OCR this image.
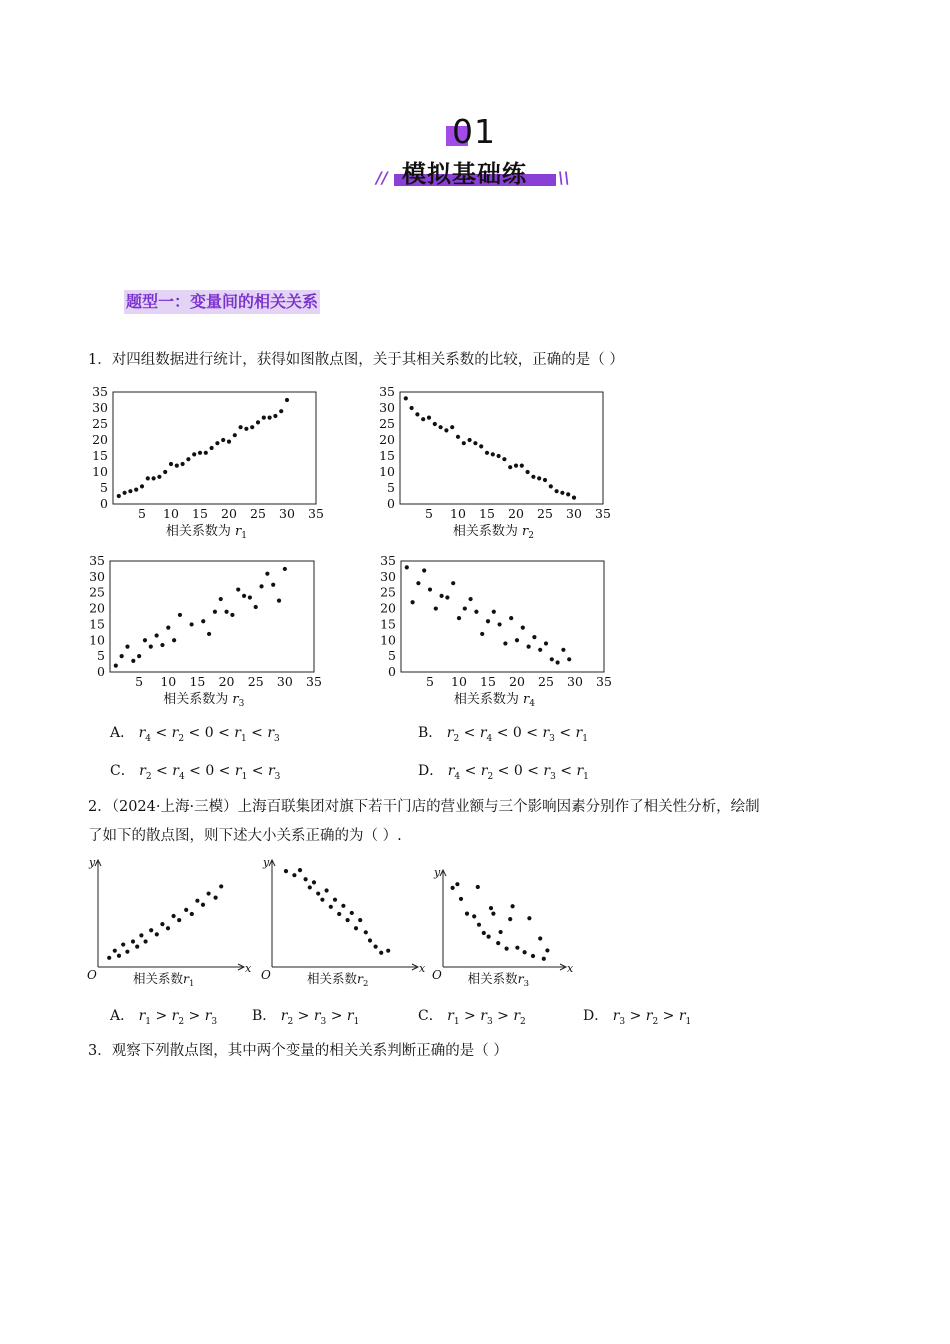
01
// 模拟基础练 \\
题型一：变量间的相关关系
1．对四组数据进行统计，获得如图散点图，关于其相关系数的比较，正确的是（ ）
0
5
10
15
20
25
30
35
5 10 15 20 25 30 35
相关系数为 $r_1$
0
5
10
15
20
25
30
35
5 10 15 20 25 30 35
相关系数为 $r_2$
0
5
10
15
20
25
30
35
5 10 15 20 25 30 35
相关系数为 $r_3$
0
5
10
15
20
25
30
35
5 10 15 20 25 30 35
相关系数为 $r_4$
A． $r_4 < r_2 < 0 < r_1 < r_3$	B． $r_2 < r_4 < 0 < r_3 < r_1$
C． $r_2 < r_4 < 0 < r_1 < r_3$	D． $r_4 < r_2 < 0 < r_3 < r_1$
2．（2024·上海·三模）上海百联集团对旗下若干门店的营业额与三个影响因素分别作了相关性分析，绘制
了如下的散点图，则下述大小关系正确的为（ ）.
O	x
y
相关系数$r_1$
O	x
y
相关系数$r_2$
O	x
y
相关系数$r_3$
A． $r_1 > r_2 > r_3$ B． $r_2 > r_3 > r_1$	C． $r_1 > r_3 > r_2$	D． $r_3 > r_2 > r_1$
3．观察下列散点图，其中两个变量的相关关系判断正确的是（ ）
